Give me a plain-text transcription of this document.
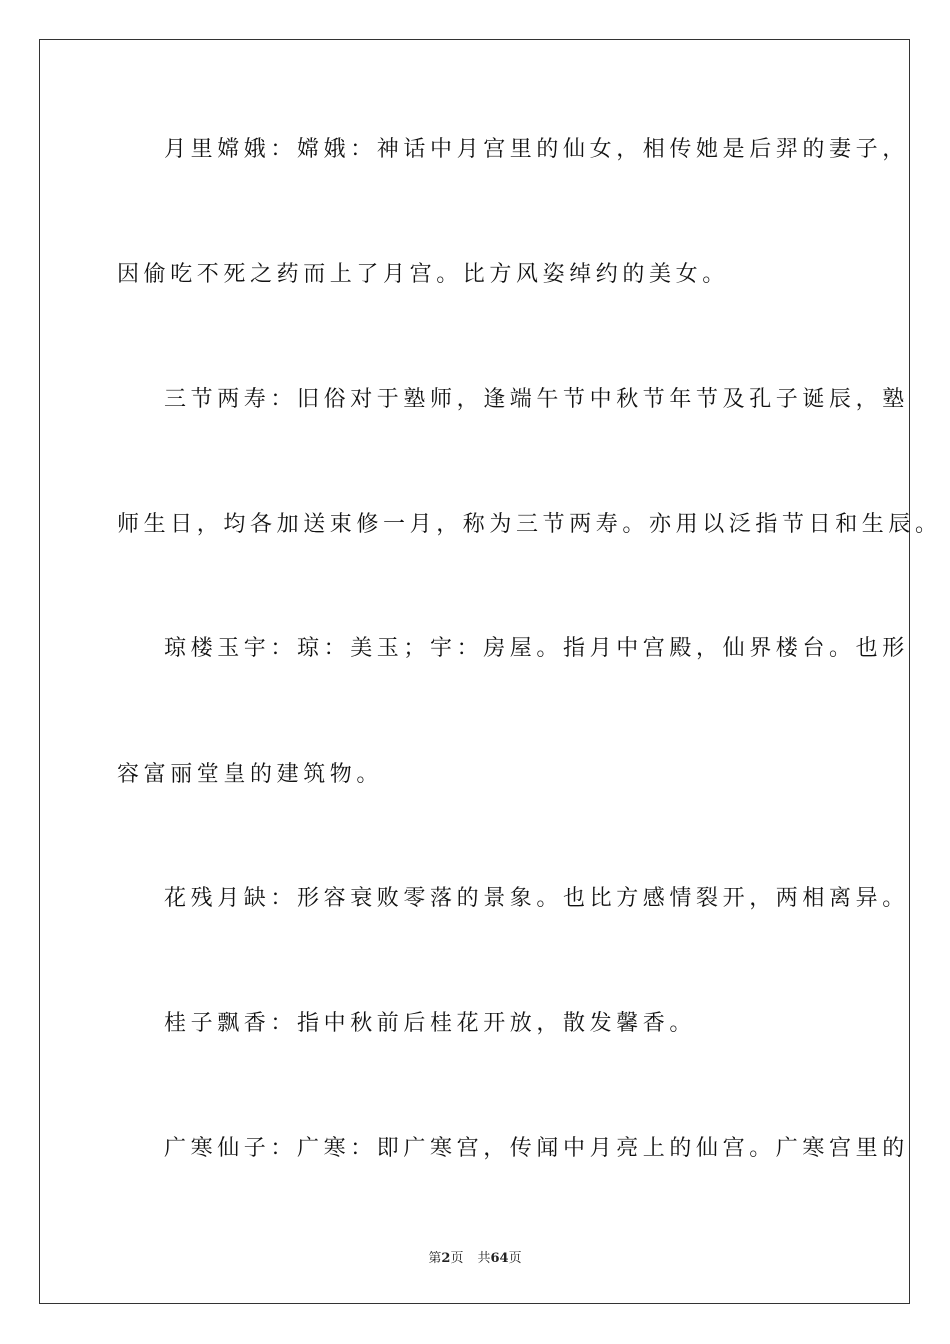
月里嫦娥：嫦娥：神话中月宫里的仙女，相传她是后羿的妻子，
因偷吃不死之药而上了月宫。比方风姿绰约的美女。
三节两寿：旧俗对于塾师，逢端午节中秋节年节及孔子诞辰，塾
师生日，均各加送束修一月，称为三节两寿。亦用以泛指节日和生辰。
琼楼玉宇：琼：美玉；宇：房屋。指月中宫殿，仙界楼台。也形
容富丽堂皇的建筑物。
花残月缺：形容衰败零落的景象。也比方感情裂开，两相离异。
桂子飘香：指中秋前后桂花开放，散发馨香。
广寒仙子：广寒：即广寒宫，传闻中月亮上的仙宫。广寒宫里的
第2页 共64页
